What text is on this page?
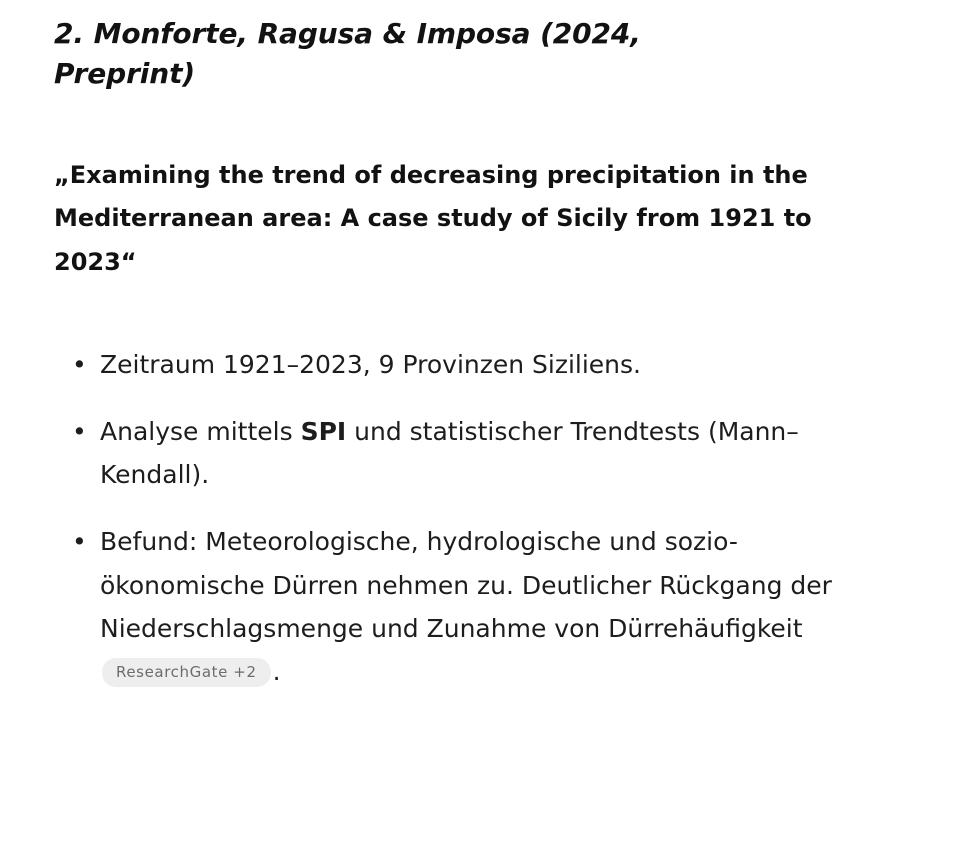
2. Monforte, Ragusa & Imposa (2024, Preprint)

„Examining the trend of decreasing precipitation in the Mediterranean area: A case study of Sicily from 1921 to 2023“

• Zeitraum 1921–2023, 9 Provinzen Siziliens.
• Analyse mittels SPI und statistischer Trendtests (Mann–Kendall).
• Befund: Meteorologische, hydrologische und sozio-ökonomische Dürren nehmen zu. Deutlicher Rückgang der Niederschlagsmenge und Zunahme von Dürrehäufigkeit ResearchGate +2 .
